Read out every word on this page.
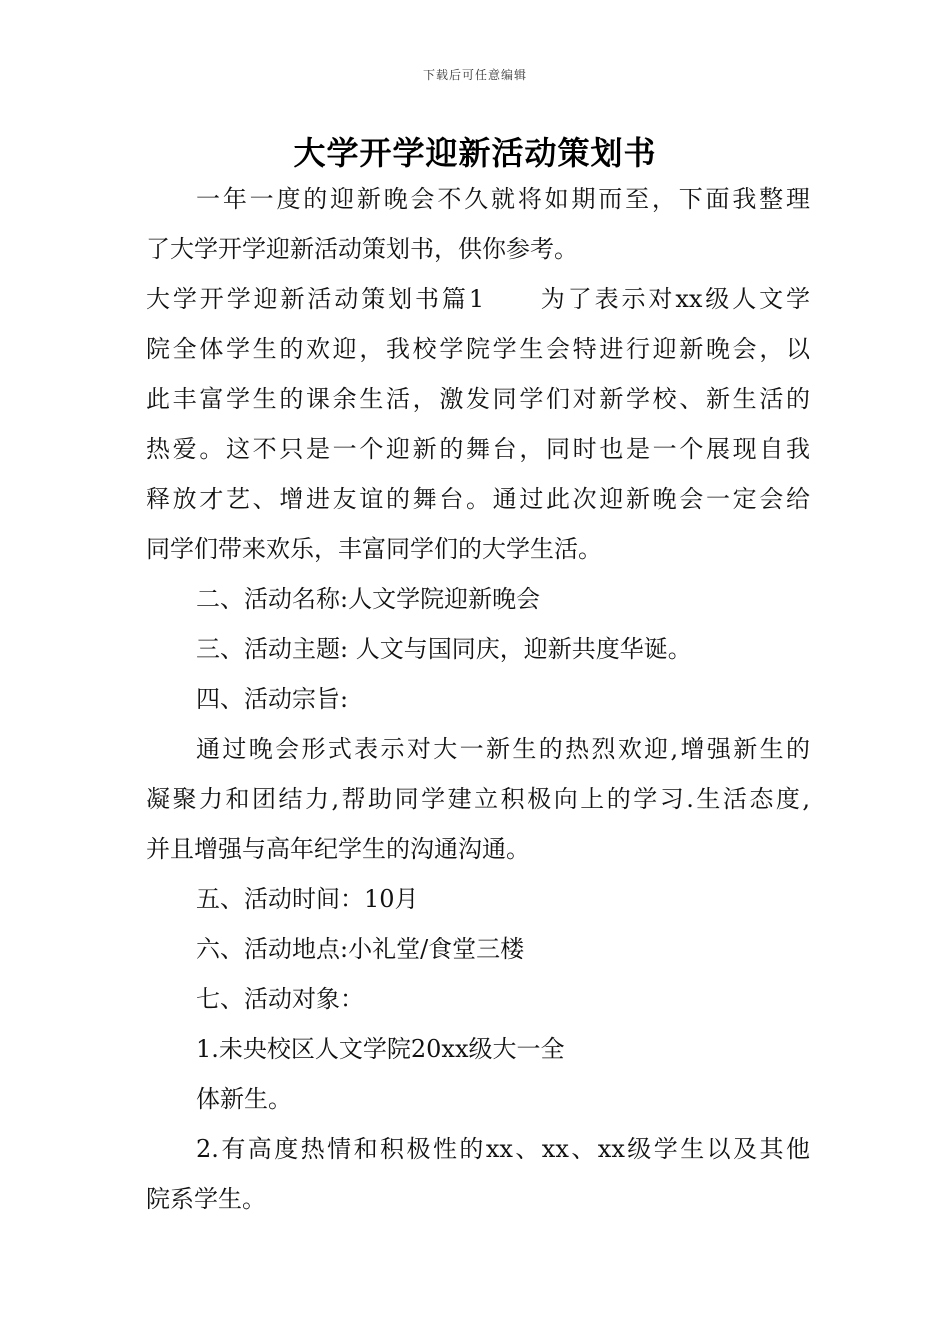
下载后可任意编辑
大学开学迎新活动策划书
一年一度的迎新晚会不久就将如期而至，下面我整理
了大学开学迎新活动策划书，供你参考。
大学开学迎新活动策划书篇1　　为了表示对xx级人文学
院全体学生的欢迎，我校学院学生会特进行迎新晚会，以
此丰富学生的课余生活，激发同学们对新学校、新生活的
热爱。这不只是一个迎新的舞台，同时也是一个展现自我
释放才艺、增进友谊的舞台。通过此次迎新晚会一定会给
同学们带来欢乐，丰富同学们的大学生活。
二、活动名称:人文学院迎新晚会
三、活动主题: 人文与国同庆，迎新共度华诞。
四、活动宗旨:
通过晚会形式表示对大一新生的热烈欢迎,增强新生的
凝聚力和团结力,帮助同学建立积极向上的学习.生活态度,
并且增强与高年纪学生的沟通沟通。
五、活动时间：10月
六、活动地点:小礼堂/食堂三楼
七、活动对象：
1.未央校区人文学院20xx级大一全
体新生。
2.有高度热情和积极性的xx、xx、xx级学生以及其他
院系学生。
